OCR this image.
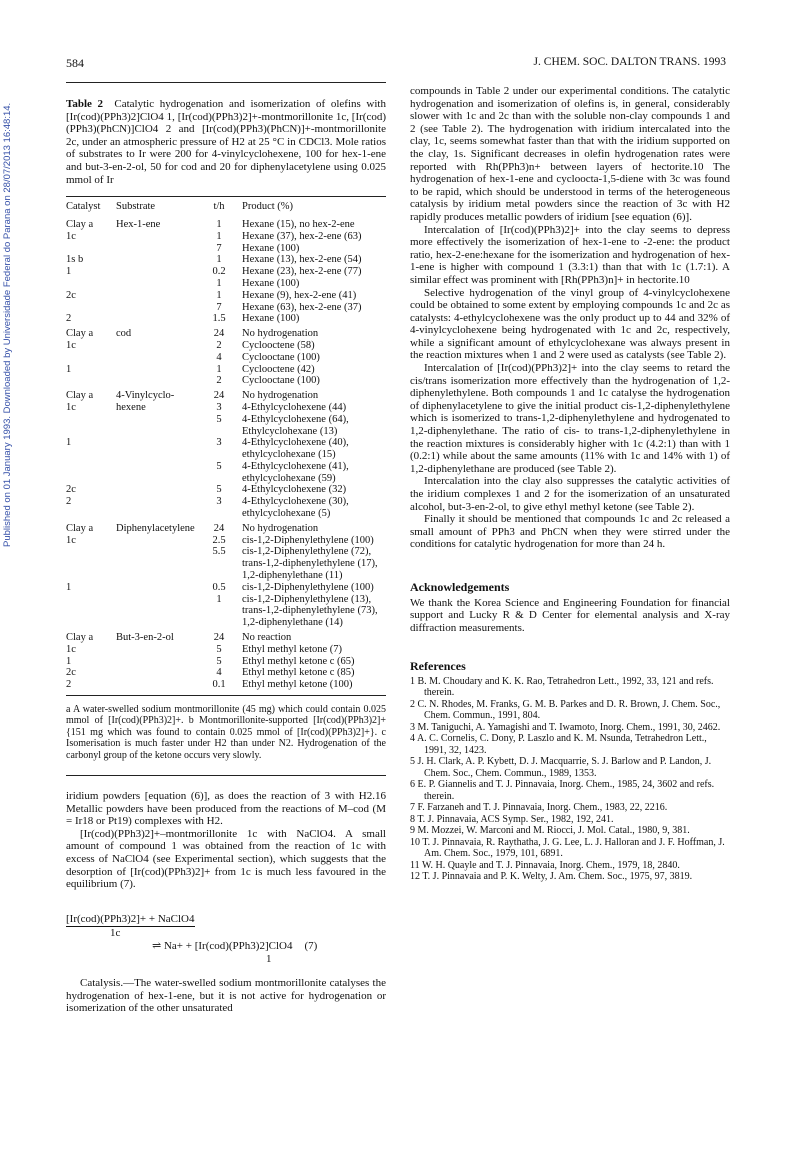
584	J. CHEM. SOC. DALTON TRANS. 1993
Published on 01 January 1993. Downloaded by Universidade Federal do Parana on 28/07/2013 16:48:14.	Table 2 Catalytic hydrogenation and isomerization of olefins with [Ir(cod)(PPh3)2]ClO4 1, [Ir(cod)(PPh3)2]+-montmorillonite 1c, [Ir(cod)(PPh3)(PhCN)]ClO4 2 and [Ir(cod)(PPh3)(PhCN)]+-montmorillonite 2c, under an atmospheric pressure of H2 at 25 °C in CDCl3. Mole ratios of substrates to Ir were 200 for 4-vinylcyclohexene, 100 for hex-1-ene and but-3-en-2-ol, 50 for cod and 20 for diphenylacetylene using 0.025 mmol of Ir
Catalyst	Substrate	t/h	Product (%)
Clay a	Hex-1-ene	1	Hexane (15), no hex-2-ene
1c		1	Hexane (37), hex-2-ene (63)
		7	Hexane (100)
1s b		1	Hexane (13), hex-2-ene (54)
1		0.2	Hexane (23), hex-2-ene (77)
		1	Hexane (100)
2c		1	Hexane (9), hex-2-ene (41)
		7	Hexane (63), hex-2-ene (37)
2		1.5	Hexane (100)
Clay a	cod	24	No hydrogenation
1c		2	Cyclooctene (58)
		4	Cyclooctane (100)
1		1	Cyclooctene (42)
		2	Cyclooctane (100)
Clay a	4-Vinylcyclo-	24	No hydrogenation
1c	hexene	3	4-Ethylcyclohexene (44)
		5	4-Ethylcyclohexene (64), Ethylcyclohexane (13)
1		3	4-Ethylcyclohexene (40), ethylcyclohexane (15)
		5	4-Ethylcyclohexene (41), ethylcyclohexane (59)
2c		5	4-Ethylcyclohexene (32)
2		3	4-Ethylcyclohexene (30), ethylcyclohexane (5)
Clay a	Diphenylacetylene	24	No hydrogenation
1c		2.5	cis-1,2-Diphenylethylene (100)
		5.5	cis-1,2-Diphenylethylene (72), trans-1,2-diphenylethylene (17), 1,2-diphenylethane (11)
1		0.5	cis-1,2-Diphenylethylene (100)
		1	cis-1,2-Diphenylethylene (13), trans-1,2-diphenylethylene (73), 1,2-diphenylethane (14)
Clay a	But-3-en-2-ol	24	No reaction
1c		5	Ethyl methyl ketone (7)
1		5	Ethyl methyl ketone c (65)
2c		4	Ethyl methyl ketone c (85)
2		0.1	Ethyl methyl ketone (100)
a A water-swelled sodium montmorillonite (45 mg) which could contain 0.025 mmol of [Ir(cod)(PPh3)2]+. b Montmorillonite-supported [Ir(cod)(PPh3)2]+ {151 mg which was found to contain 0.025 mmol of [Ir(cod)(PPh3)2]+}. c Isomerisation is much faster under H2 than under N2. Hydrogenation of the carbonyl group of the ketone occurs very slowly.

iridium powders [equation (6)], as does the reaction of 3 with H2.16 Metallic powders have been produced from the reactions of M–cod (M = Ir18 or Pt19) complexes with H2.

[Ir(cod)(PPh3)2]+–montmorillonite 1c with NaClO4. A small amount of compound 1 was obtained from the reaction of 1c with excess of NaClO4 (see Experimental section), which suggests that the desorption of [Ir(cod)(PPh3)2]+ from 1c is much less favoured in the equilibrium (7).

[Ir(cod)(PPh3)2]+ + NaClO4
1c
⇌ Na+ + [Ir(cod)(PPh3)2]ClO4 (7)
1

Catalysis.—The water-swelled sodium montmorillonite catalyses the hydrogenation of hex-1-ene, but it is not active for hydrogenation or isomerization of the other unsaturated

compounds in Table 2 under our experimental conditions. The catalytic hydrogenation and isomerization of olefins is, in general, considerably slower with 1c and 2c than with the soluble non-clay compounds 1 and 2 (see Table 2). The hydrogenation with iridium intercalated into the clay, 1c, seems somewhat faster than that with the iridium supported on the clay, 1s. Significant decreases in olefin hydrogenation rates were reported with Rh(PPh3)n+ between layers of hectorite.10 The hydrogenation of hex-1-ene and cycloocta-1,5-diene with 3c was found to be rapid, which should be understood in terms of the heterogeneous catalysis by iridium metal powders since the reaction of 3c with H2 rapidly produces metallic powders of iridium [see equation (6)].

Intercalation of [Ir(cod)(PPh3)2]+ into the clay seems to depress more effectively the isomerization of hex-1-ene to -2-ene: the product ratio, hex-2-ene:hexane for the isomerization and hydrogenation of hex-1-ene is higher with compound 1 (3.3:1) than that with 1c (1.7:1). A similar effect was prominent with [Rh(PPh3)n]+ in hectorite.10

Selective hydrogenation of the vinyl group of 4-vinylcyclohexene could be obtained to some extent by employing compounds 1c and 2c as catalysts: 4-ethylcyclohexene was the only product up to 44 and 32% of 4-vinylcyclohexene being hydrogenated with 1c and 2c, respectively, while a significant amount of ethylcyclohexane was always present in the reaction mixtures when 1 and 2 were used as catalysts (see Table 2).

Intercalation of [Ir(cod)(PPh3)2]+ into the clay seems to retard the cis/trans isomerization more effectively than the hydrogenation of 1,2-diphenylethylene. Both compounds 1 and 1c catalyse the hydrogenation of diphenylacetylene to give the initial product cis-1,2-diphenylethylene which is isomerized to trans-1,2-diphenylethylene and hydrogenated to 1,2-diphenylethane. The ratio of cis- to trans-1,2-diphenylethylene in the reaction mixtures is considerably higher with 1c (4.2:1) than with 1 (0.2:1) while about the same amounts (11% with 1c and 14% with 1) of 1,2-diphenylethane are produced (see Table 2).

Intercalation into the clay also suppresses the catalytic activities of the iridium complexes 1 and 2 for the isomerization of an unsaturated alcohol, but-3-en-2-ol, to give ethyl methyl ketone (see Table 2).

Finally it should be mentioned that compounds 1c and 2c released a small amount of PPh3 and PhCN when they were stirred under the conditions for catalytic hydrogenation for more than 24 h.

Acknowledgements

We thank the Korea Science and Engineering Foundation for financial support and Lucky R & D Center for elemental analysis and X-ray diffraction measurements.

References
1 B. M. Choudary and K. K. Rao, Tetrahedron Lett., 1992, 33, 121 and refs. therein.
2 C. N. Rhodes, M. Franks, G. M. B. Parkes and D. R. Brown, J. Chem. Soc., Chem. Commun., 1991, 804.
3 M. Taniguchi, A. Yamagishi and T. Iwamoto, Inorg. Chem., 1991, 30, 2462.
4 A. C. Cornelis, C. Dony, P. Laszlo and K. M. Nsunda, Tetrahedron Lett., 1991, 32, 1423.
5 J. H. Clark, A. P. Kybett, D. J. Macquarrie, S. J. Barlow and P. Landon, J. Chem. Soc., Chem. Commun., 1989, 1353.
6 E. P. Giannelis and T. J. Pinnavaia, Inorg. Chem., 1985, 24, 3602 and refs. therein.
7 F. Farzaneh and T. J. Pinnavaia, Inorg. Chem., 1983, 22, 2216.
8 T. J. Pinnavaia, ACS Symp. Ser., 1982, 192, 241.
9 M. Mozzei, W. Marconi and M. Riocci, J. Mol. Catal., 1980, 9, 381.
10 T. J. Pinnavaia, R. Raythatha, J. G. Lee, L. J. Halloran and J. F. Hoffman, J. Am. Chem. Soc., 1979, 101, 6891.
11 W. H. Quayle and T. J. Pinnavaia, Inorg. Chem., 1979, 18, 2840.
12 T. J. Pinnavaia and P. K. Welty, J. Am. Chem. Soc., 1975, 97, 3819.
